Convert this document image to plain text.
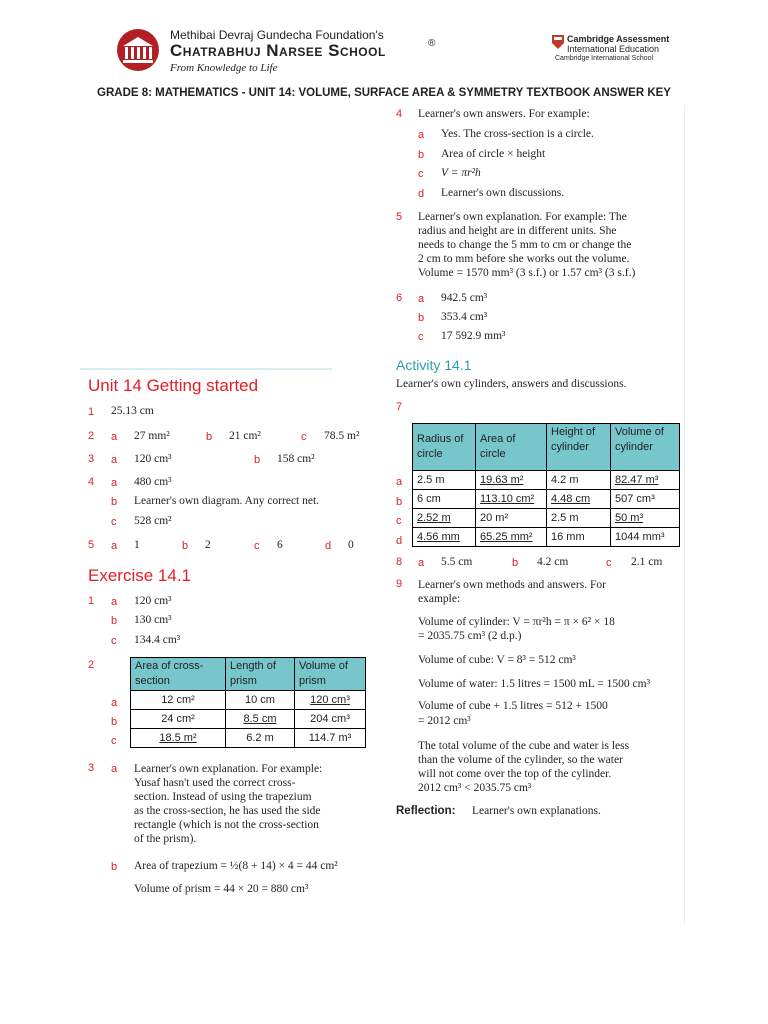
Methibai Devraj Gundecha Foundation's
Chatrabhuj Narsee School	®
From Knowledge to Life
Cambridge Assessment
International Education
Cambridge International School
GRADE 8: MATHEMATICS - UNIT 14: VOLUME, SURFACE AREA & SYMMETRY TEXTBOOK ANSWER KEY
Unit 14 Getting started
1 25.13 cm
2 a 27 mm²	b 21 cm²	c 78.5 m²
3 a 120 cm³	b 158 cm²
4 a 480 cm³
b Learner's own diagram. Any correct net.
c 528 cm²
5 a 1	b 2	c 6	d 0
Exercise 14.1
1 a 120 cm³
b 130 cm³
c 134.4 cm³
2
a
b
c
Area of cross-section	Length of prism	Volume of prism
12 cm²	10 cm	120 cm³
24 cm²	8.5 cm	204 cm³
18.5 m²	6.2 m	114.7 m³
3 a Learner's own explanation. For example:
Yusaf hasn't used the correct cross-
section. Instead of using the trapezium
as the cross-section, he has used the side
rectangle (which is not the cross-section
of the prism).
b Area of trapezium = ½(8 + 14) × 4 = 44 cm²
Volume of prism = 44 × 20 = 880 cm³
4 Learner's own answers. For example:
a Yes. The cross-section is a circle.
b Area of circle × height
c V = πr²h
d Learner's own discussions.
5 Learner's own explanation. For example: The
radius and height are in different units. She
needs to change the 5 mm to cm or change the
2 cm to mm before she works out the volume.
Volume = 1570 mm³ (3 s.f.) or 1.57 cm³ (3 s.f.)
6 a 942.5 cm³
b 353.4 cm³
c 17 592.9 mm³
Activity 14.1
Learner's own cylinders, answers and discussions.
7
a
b
c
d
Radius of circle	Area of circle	Height of cylinder	Volume of cylinder
2.5 m	19.63 m²	4.2 m	82.47 m³
6 cm	113.10 cm²	4.48 cm	507 cm³
2.52 m	20 m²	2.5 m	50 m³
4.56 mm	65.25 mm²	16 mm	1044 mm³
8 a 5.5 cm	b 4.2 cm	c 2.1 cm
9 Learner's own methods and answers. For example:
Volume of cylinder: V = πr²h = π × 6² × 18
= 2035.75 cm³ (2 d.p.)
Volume of cube: V = 8³ = 512 cm³
Volume of water: 1.5 litres = 1500 mL = 1500 cm³
Volume of cube + 1.5 litres = 512 + 1500
= 2012 cm³
The total volume of the cube and water is less
than the volume of the cylinder, so the water
will not come over the top of the cylinder.
2012 cm³ < 2035.75 cm³
Reflection: Learner's own explanations.
